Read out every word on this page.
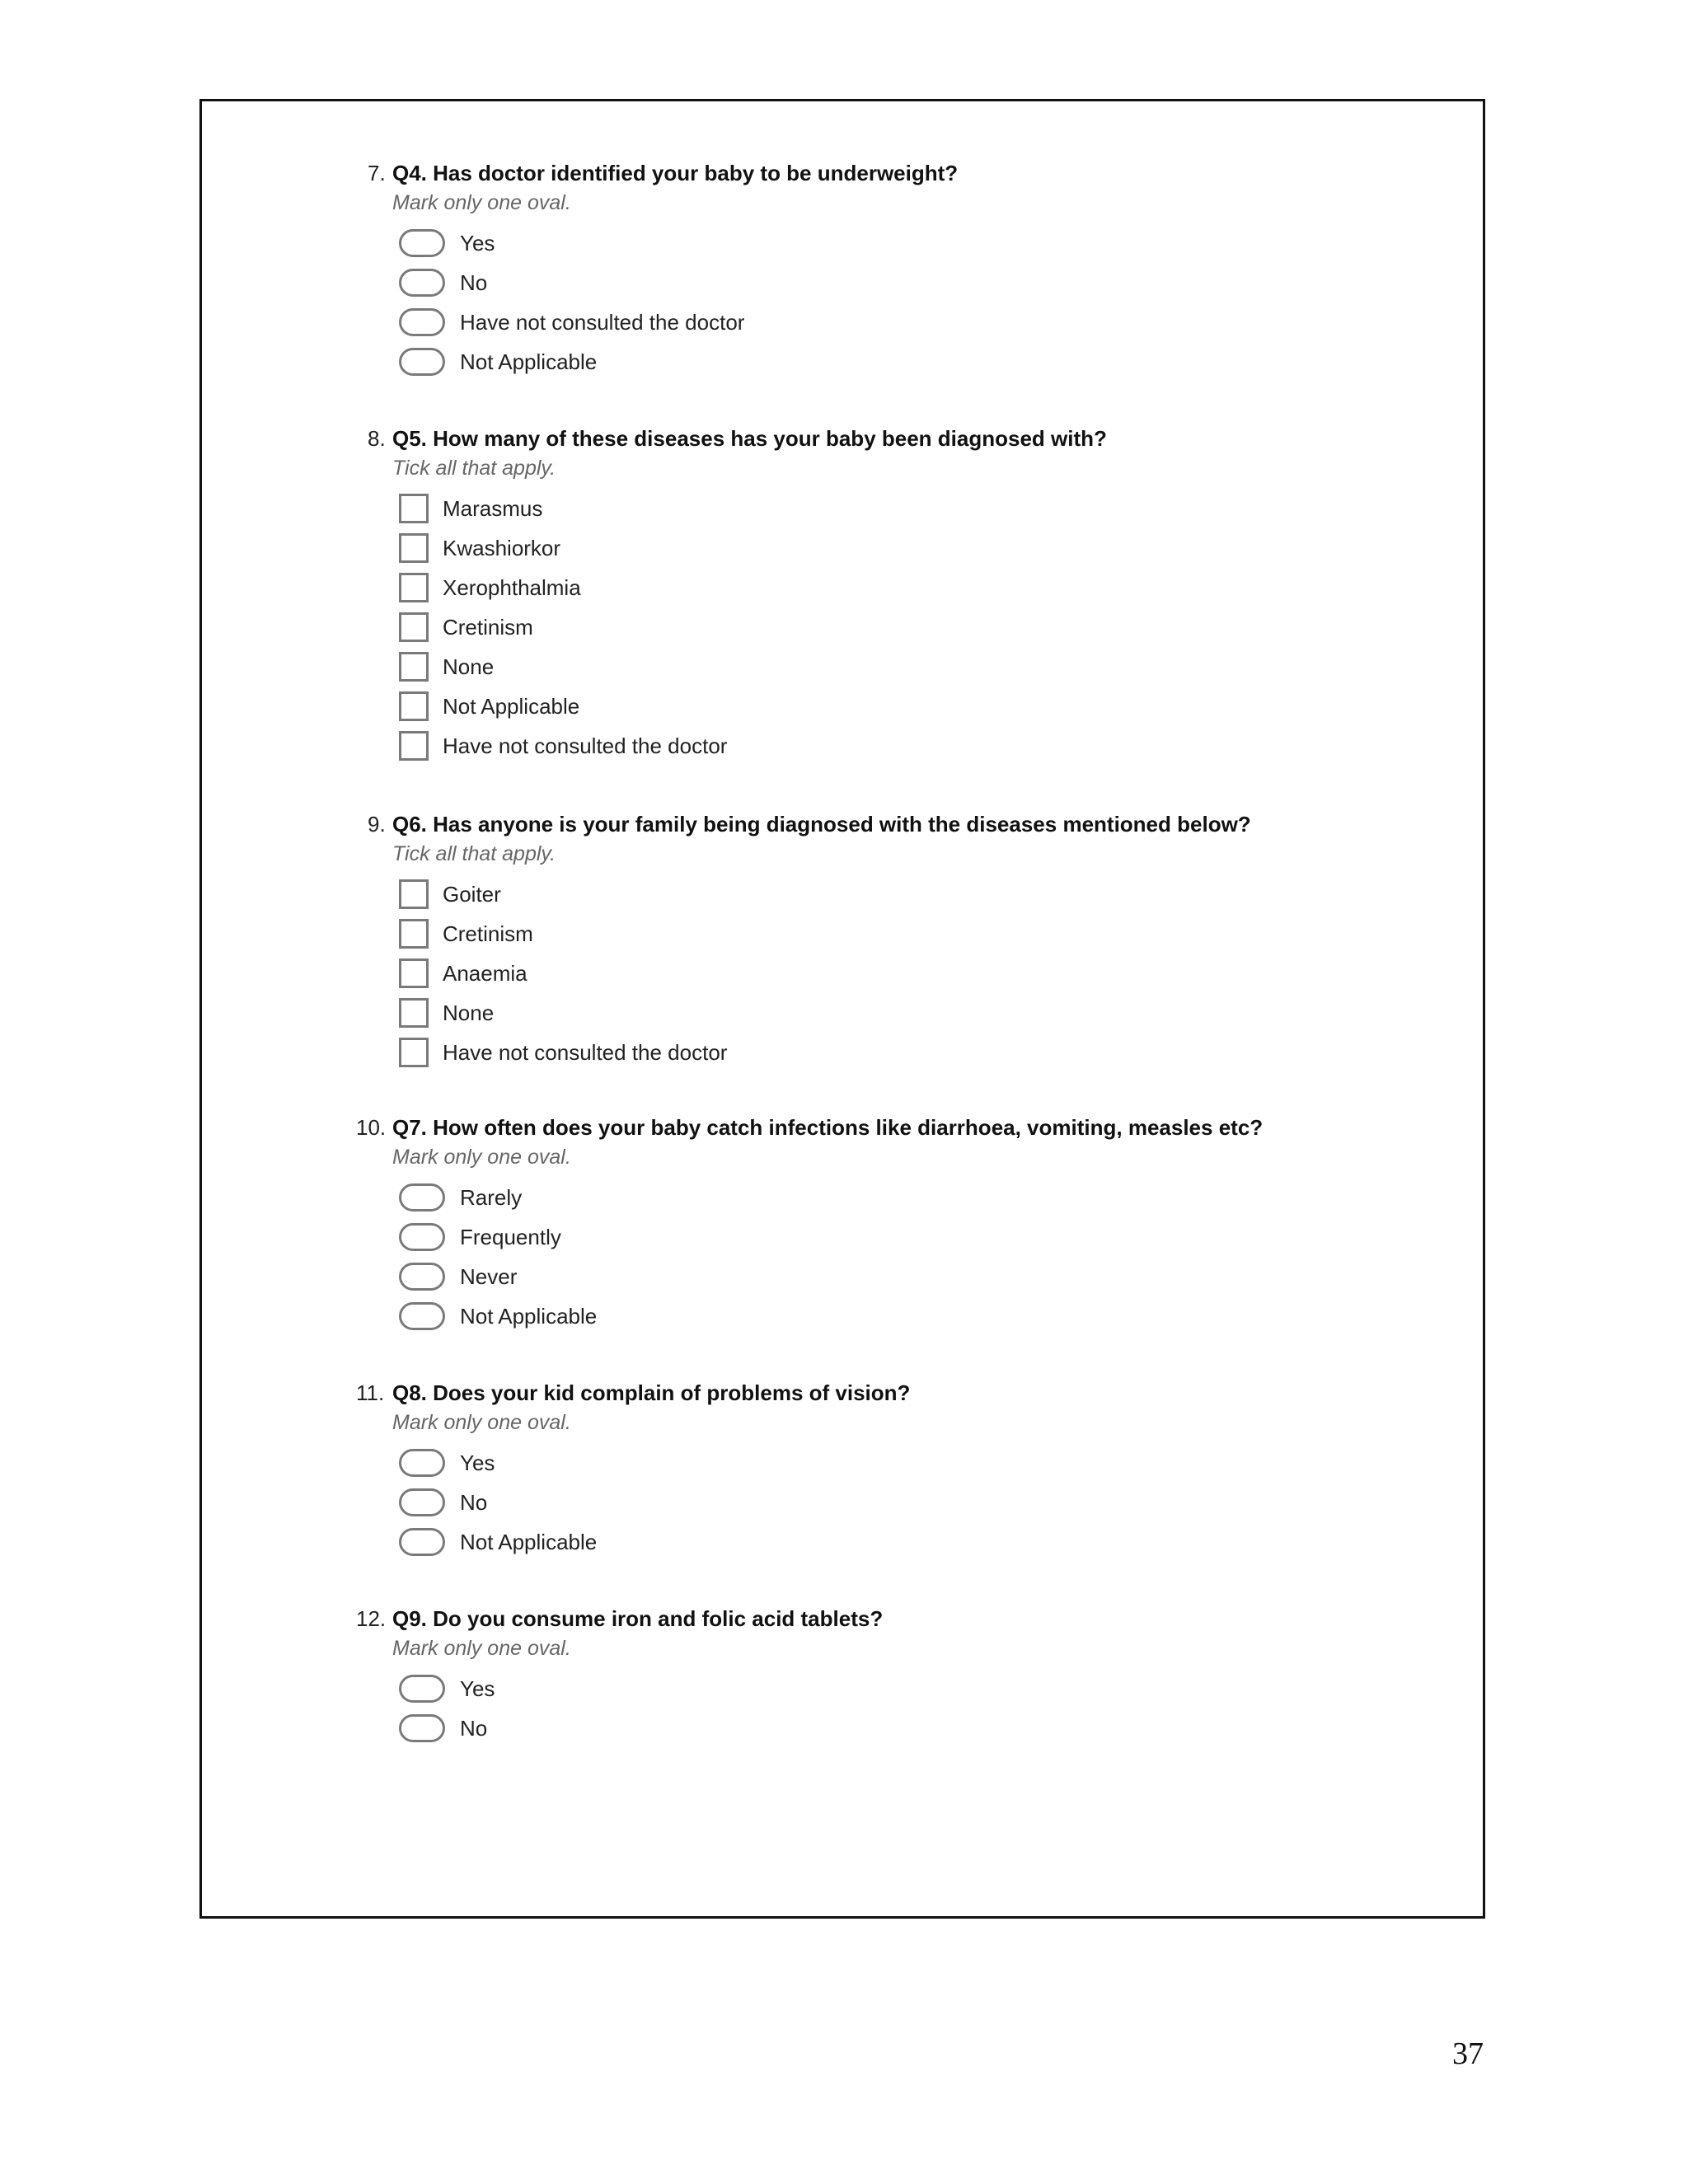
7. Q4. Has doctor identified your baby to be underweight?
Mark only one oval.
Yes
No
Have not consulted the doctor
Not Applicable
8. Q5. How many of these diseases has your baby been diagnosed with?
Tick all that apply.
Marasmus
Kwashiorkor
Xerophthalmia
Cretinism
None
Not Applicable
Have not consulted the doctor
9. Q6. Has anyone is your family being diagnosed with the diseases mentioned below?
Tick all that apply.
Goiter
Cretinism
Anaemia
None
Have not consulted the doctor
10. Q7. How often does your baby catch infections like diarrhoea, vomiting, measles etc?
Mark only one oval.
Rarely
Frequently
Never
Not Applicable
11. Q8. Does your kid complain of problems of vision?
Mark only one oval.
Yes
No
Not Applicable
12. Q9. Do you consume iron and folic acid tablets?
Mark only one oval.
Yes
No
37
